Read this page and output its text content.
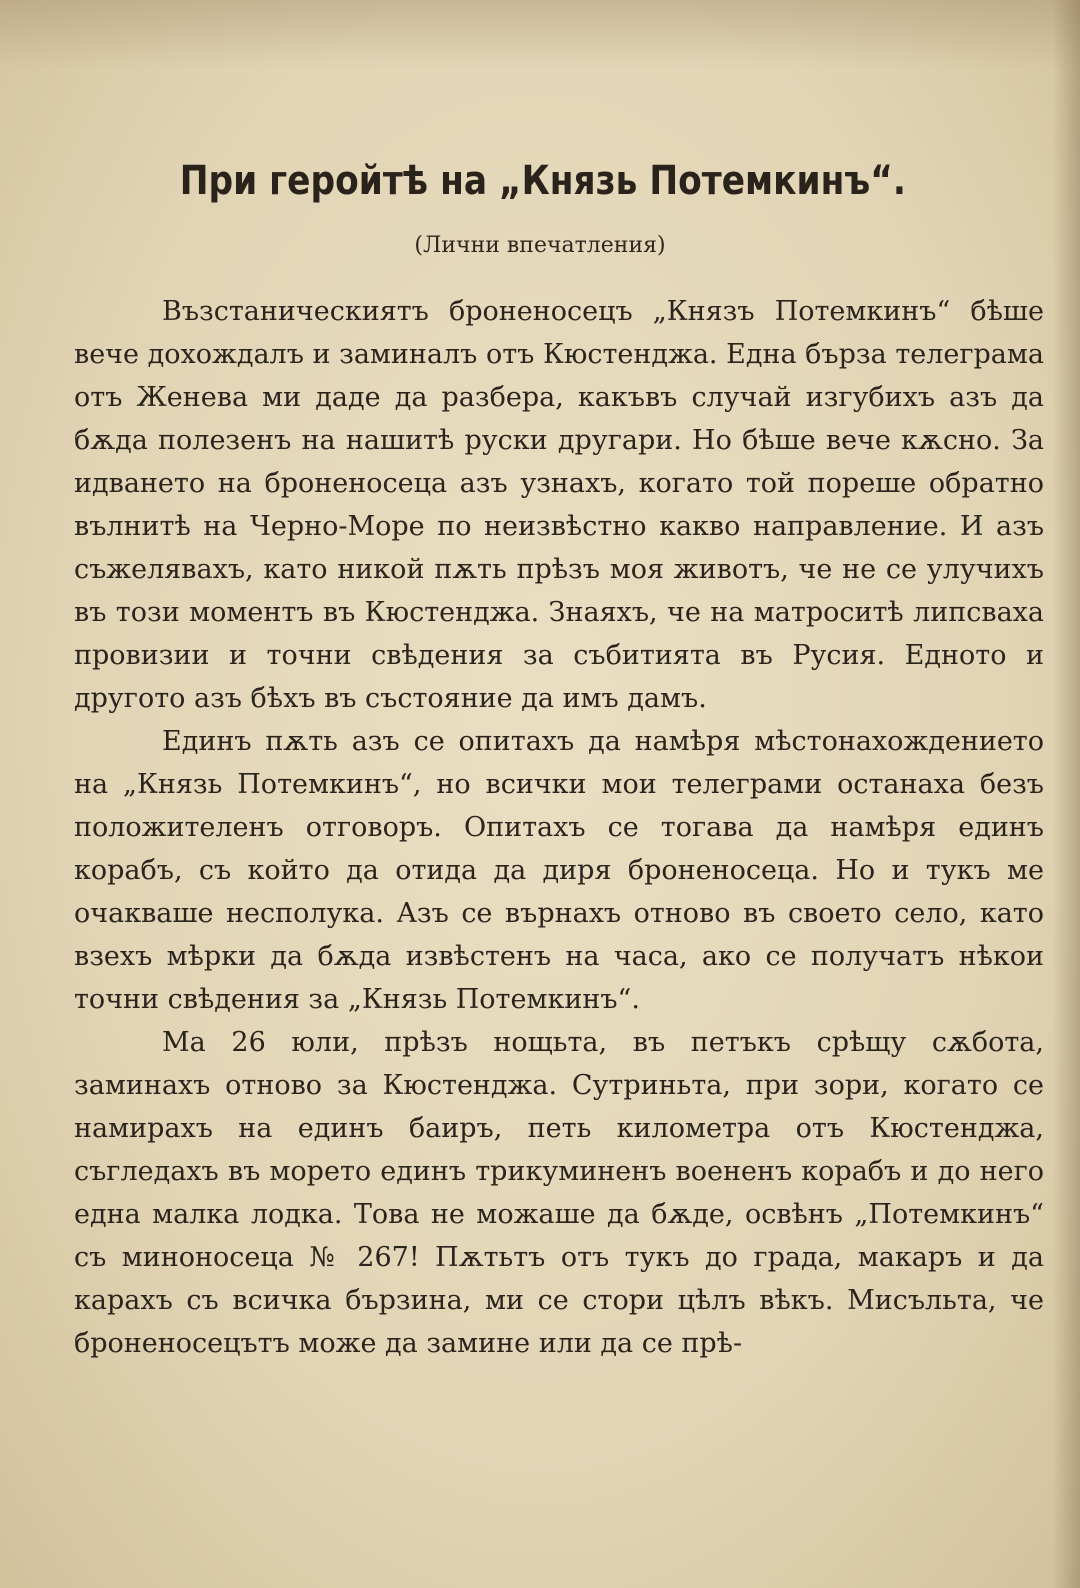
При геройтѣ на „Князь Потемкинъ“.
(Лични впечатления)

Възстаническиятъ броненосецъ „Князъ Потемкинъ“ бѣше вече дохождалъ и заминалъ отъ Кюстенджа. Една бърза телеграма отъ Женева ми даде да разбера, какъвъ случай изгубихъ азъ да бѫда полезенъ на нашитѣ руски другари. Но бѣше вече кѫсно. За идването на броненосеца азъ узнахъ, когато той пореше обратно вълнитѣ на Черно-Море по неизвѣстно какво направление. И азъ съжелявахъ, като никой пѫть прѣзъ моя животъ, че не се улучихъ въ този моментъ въ Кюстенджа. Знаяхъ, че на матроситѣ липсваха провизии и точни свѣдения за събитията въ Русия. Едното и другото азъ бѣхъ въ състояние да имъ дамъ.

Единъ пѫть азъ се опитахъ да намѣря мѣстонахождението на „Князь Потемкинъ“, но всички мои телеграми останаха безъ положителенъ отговоръ. Опитахъ се тогава да намѣря единъ корабъ, съ който да отида да диря броненосеца. Но и тукъ ме очакваше несполука. Азъ се върнахъ отново въ своето село, като взехъ мѣрки да бѫда извѣстенъ на часа, ако се получатъ нѣкои точни свѣдения за „Князь Потемкинъ“.

Ма 26 юли, прѣзъ нощьта, въ петъкъ срѣщу сѫбота, заминахъ отново за Кюстенджа. Сутриньта, при зори, когато се намирахъ на единъ баиръ, петь километра отъ Кюстенджа, съгледахъ въ морето единъ трикуминенъ воененъ корабъ и до него една малка лодка. Това не можаше да бѫде, освѣнъ „Потемкинъ“ съ миноносеца № 267! Пѫтьтъ отъ тукъ до града, макаръ и да карахъ съ всичка бързина, ми се стори цѣлъ вѣкъ. Мисъльта, че броненосецътъ може да замине или да се прѣ-
